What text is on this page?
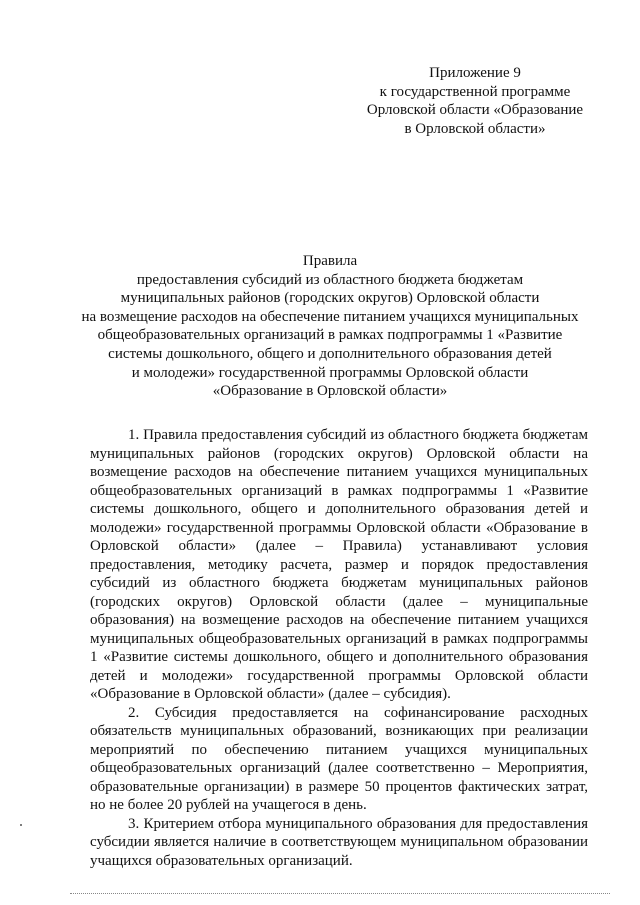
Приложение 9
к государственной программе
Орловской области «Образование
в Орловской области»
Правила
предоставления субсидий из областного бюджета бюджетам
муниципальных районов (городских округов) Орловской области
на возмещение расходов на обеспечение питанием учащихся муниципальных
общеобразовательных организаций в рамках подпрограммы 1 «Развитие
системы дошкольного, общего и дополнительного образования детей
и молодежи» государственной программы Орловской области
«Образование в Орловской области»

1. Правила предоставления субсидий из областного бюджета бюджетам муниципальных районов (городских округов) Орловской области на возмещение расходов на обеспечение питанием учащихся муниципальных общеобразовательных организаций в рамках подпрограммы 1 «Развитие системы дошкольного, общего и дополнительного образования детей и молодежи» государственной программы Орловской области «Образование в Орловской области» (далее – Правила) устанавливают условия предоставления, методику расчета, размер и порядок предоставления субсидий из областного бюджета бюджетам муниципальных районов (городских округов) Орловской области (далее – муниципальные образования) на возмещение расходов на обеспечение питанием учащихся муниципальных общеобразовательных организаций в рамках подпрограммы 1 «Развитие системы дошкольного, общего и дополнительного образования детей и молодежи» государственной программы Орловской области «Образование в Орловской области» (далее – субсидия).

2. Субсидия предоставляется на софинансирование расходных обязательств муниципальных образований, возникающих при реализации мероприятий по обеспечению питанием учащихся муниципальных общеобразовательных организаций (далее соответственно – Мероприятия, образовательные организации) в размере 50 процентов фактических затрат, но не более 20 рублей на учащегося в день.

3. Критерием отбора муниципального образования для предоставления субсидии является наличие в соответствующем муниципальном образовании учащихся образовательных организаций.
